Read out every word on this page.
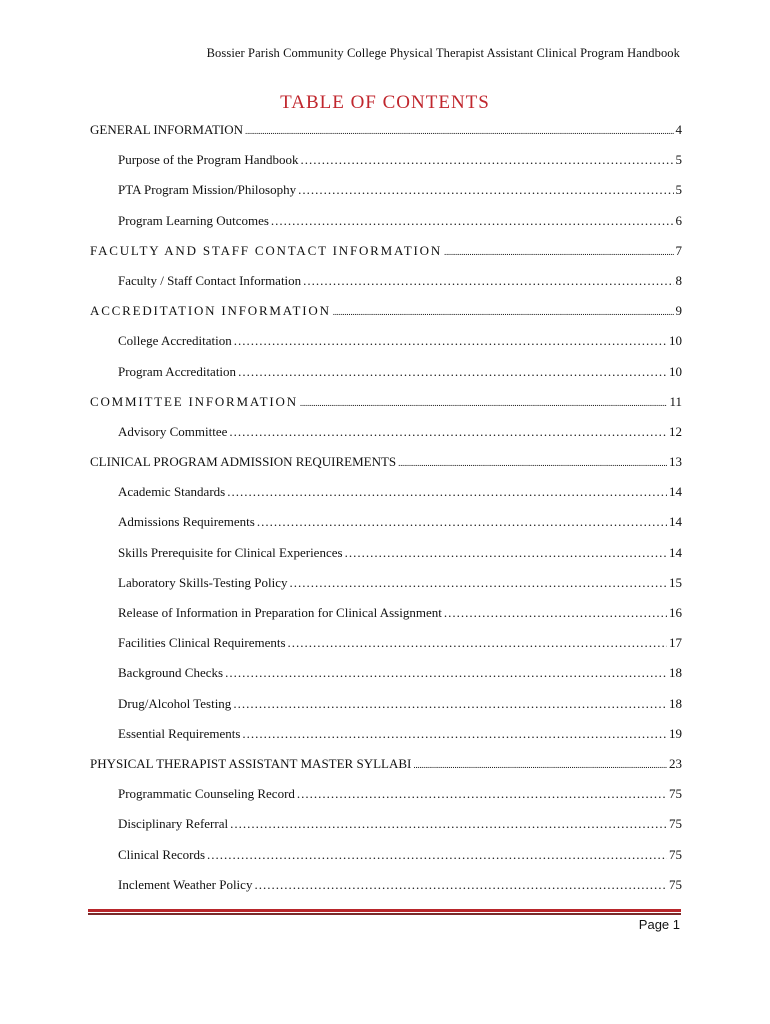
Bossier Parish Community College Physical Therapist Assistant Clinical Program Handbook
TABLE OF CONTENTS
GENERAL INFORMATION .....	4
Purpose of the Program Handbook .....	5
PTA Program Mission/Philosophy .....	5
Program Learning Outcomes .....	6
FACULTY AND STAFF CONTACT INFORMATION .....	7
Faculty / Staff Contact Information .....	8
ACCREDITATION INFORMATION .....	9
College Accreditation .....	10
Program Accreditation .....	10
COMMITTEE INFORMATION .....	11
Advisory Committee .....	12
CLINICAL PROGRAM ADMISSION REQUIREMENTS .....	13
Academic Standards .....	14
Admissions Requirements .....	14
Skills Prerequisite for Clinical Experiences .....	14
Laboratory Skills-Testing Policy .....	15
Release of Information in Preparation for Clinical Assignment .....	16
Facilities Clinical Requirements .....	17
Background Checks .....	18
Drug/Alcohol Testing .....	18
Essential Requirements .....	19
PHYSICAL THERAPIST ASSISTANT MASTER SYLLABI .....	23
Programmatic Counseling Record .....	75
Disciplinary Referral .....	75
Clinical Records .....	75
Inclement Weather Policy .....	75
Page 1
